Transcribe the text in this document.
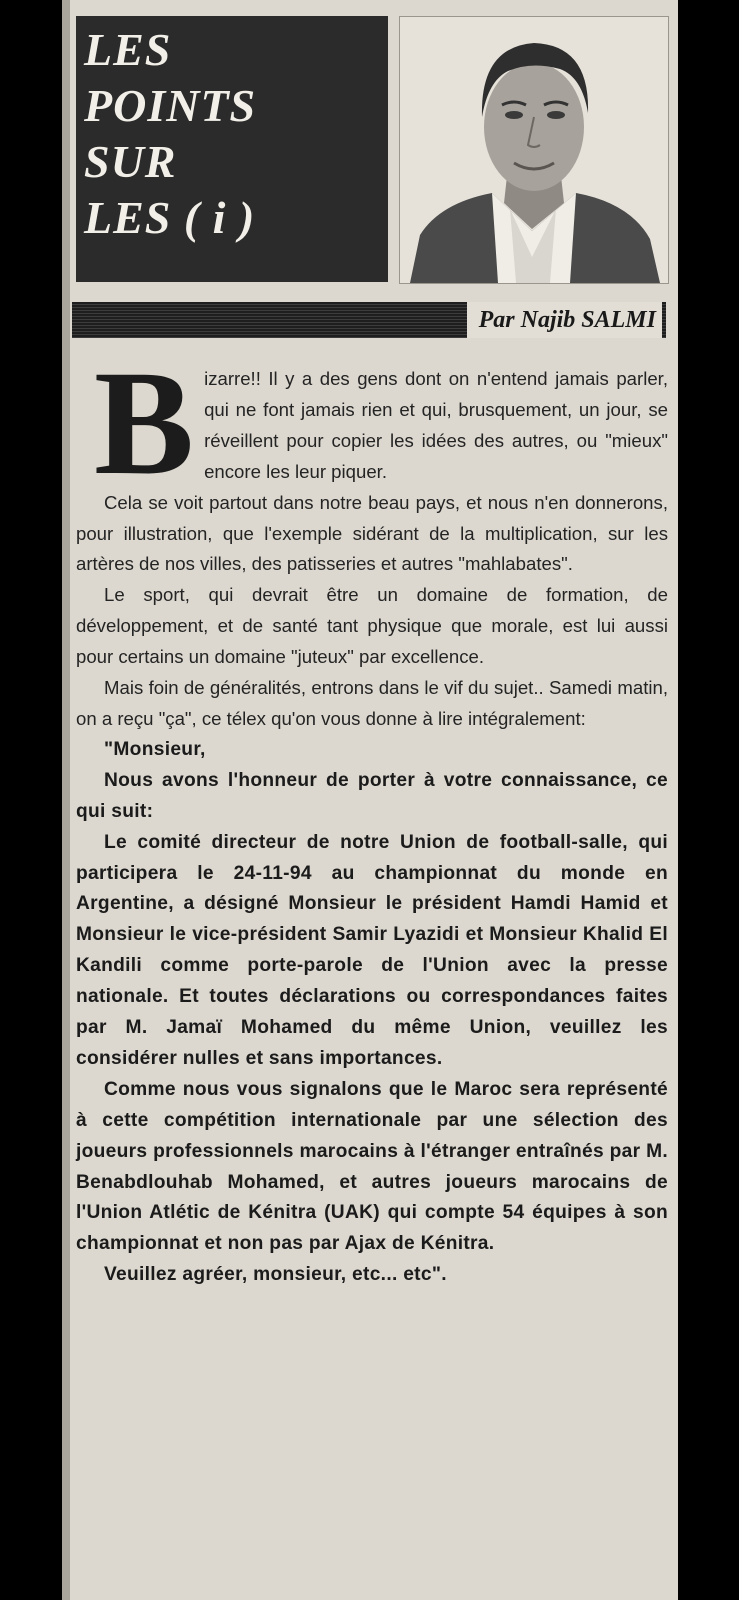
LES
POINTS
SUR
LES ( i )
Par Najib SALMI

Bizarre!! Il y a des gens dont on n'entend jamais parler, qui ne font jamais rien et qui, brusquement, un jour, se réveillent pour copier les idées des autres, ou "mieux" encore les leur piquer.

Cela se voit partout dans notre beau pays, et nous n'en donnerons, pour illustration, que l'exemple sidérant de la multiplication, sur les artères de nos villes, des patisseries et autres "mahlabates".

Le sport, qui devrait être un domaine de formation, de développement, et de santé tant physique que morale, est lui aussi pour certains un domaine "juteux" par excellence.

Mais foin de généralités, entrons dans le vif du sujet.. Samedi matin, on a reçu "ça", ce télex qu'on vous donne à lire intégralement:

"Monsieur,

Nous avons l'honneur de porter à votre connaissance, ce qui suit:

Le comité directeur de notre Union de football-salle, qui participera le 24-11-94 au championnat du monde en Argentine, a désigné Monsieur le président Hamdi Hamid et Monsieur le vice-président Samir Lyazidi et Monsieur Khalid El Kandili comme porte-parole de l'Union avec la presse nationale. Et toutes déclarations ou correspondances faites par M. Jamaï Mohamed du même Union, veuillez les considérer nulles et sans importances.

Comme nous vous signalons que le Maroc sera représenté à cette compétition internationale par une sélection des joueurs professionnels marocains à l'étranger entraînés par M. Benabdlouhab Mohamed, et autres joueurs marocains de l'Union Atlétic de Kénitra (UAK) qui compte 54 équipes à son championnat et non pas par Ajax de Kénitra.

Veuillez agréer, monsieur, etc... etc".
